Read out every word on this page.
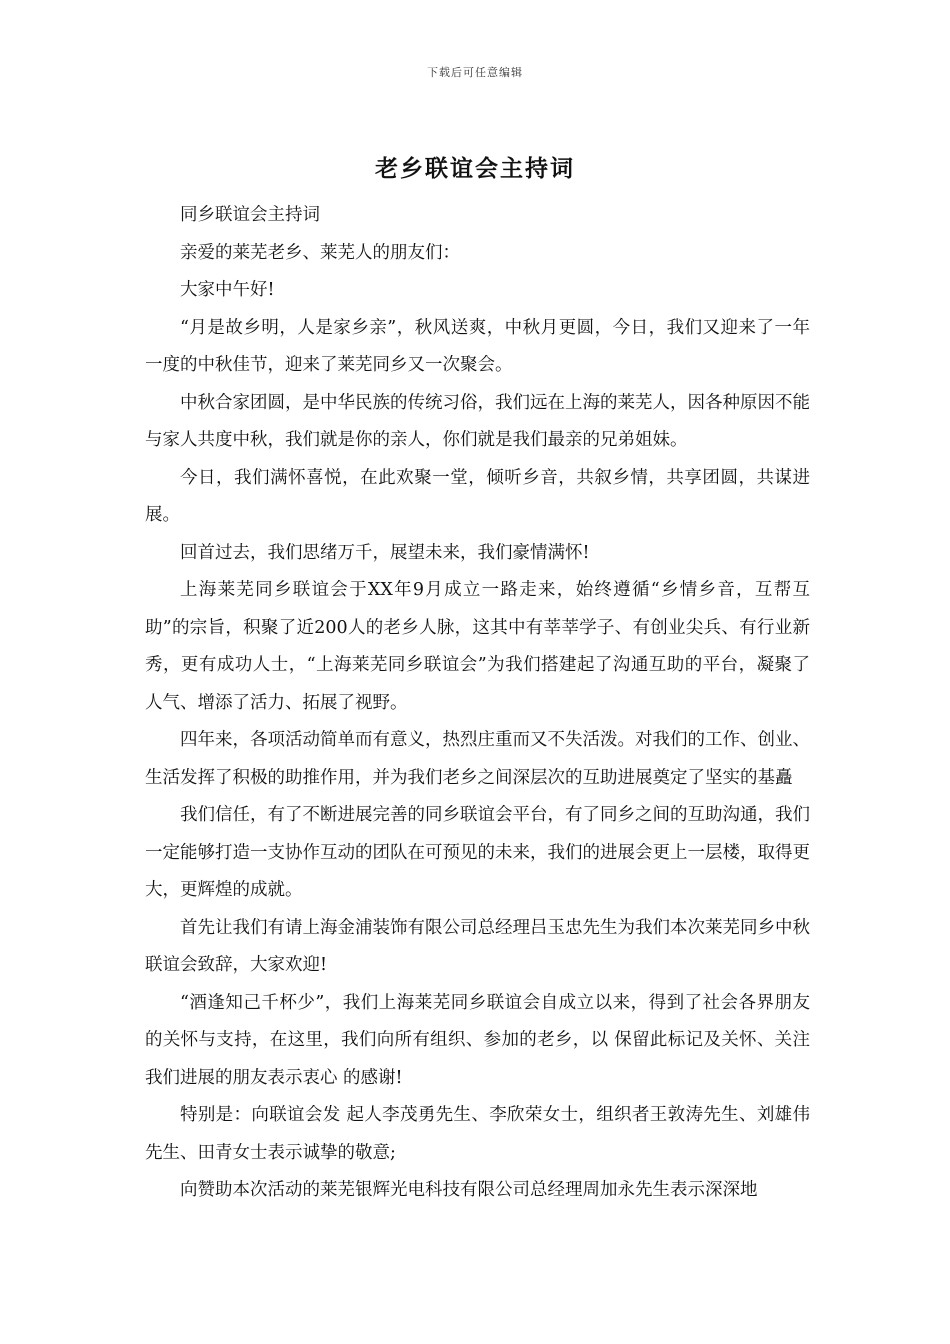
下载后可任意编辑
老乡联谊会主持词

同乡联谊会主持词

亲爱的莱芜老乡、莱芜人的朋友们：

大家中午好!

“月是故乡明，人是家乡亲”，秋风送爽，中秋月更圆，今日，我们又迎来了一年一度的中秋佳节，迎来了莱芜同乡又一次聚会。

中秋合家团圆，是中华民族的传统习俗，我们远在上海的莱芜人，因各种原因不能与家人共度中秋，我们就是你的亲人，你们就是我们最亲的兄弟姐妹。

今日，我们满怀喜悦，在此欢聚一堂，倾听乡音，共叙乡情，共享团圆，共谋进展。

回首过去，我们思绪万千，展望未来，我们豪情满怀!

上海莱芜同乡联谊会于XX年9月成立一路走来，始终遵循“乡情乡音，互帮互助”的宗旨，积聚了近200人的老乡人脉，这其中有莘莘学子、有创业尖兵、有行业新秀，更有成功人士，“上海莱芜同乡联谊会”为我们搭建起了沟通互助的平台，凝聚了人气、增添了活力、拓展了视野。

四年来，各项活动简单而有意义，热烈庄重而又不失活泼。对我们的工作、创业、生活发挥了积极的助推作用，并为我们老乡之间深层次的互助进展奠定了坚实的基矗

我们信任，有了不断进展完善的同乡联谊会平台，有了同乡之间的互助沟通，我们一定能够打造一支协作互动的团队在可预见的未来，我们的进展会更上一层楼，取得更大，更辉煌的成就。

首先让我们有请上海金浦装饰有限公司总经理吕玉忠先生为我们本次莱芜同乡中秋联谊会致辞，大家欢迎!

“酒逢知己千杯少”，我们上海莱芜同乡联谊会自成立以来，得到了社会各界朋友的关怀与支持，在这里，我们向所有组织、参加的老乡，以 保留此标记及关怀、关注我们进展的朋友表示衷心 的感谢!

特别是：向联谊会发 起人李茂勇先生、李欣荣女士，组织者王敦涛先生、刘雄伟先生、田青女士表示诚挚的敬意;

向赞助本次活动的莱芜银辉光电科技有限公司总经理周加永先生表示深深地
